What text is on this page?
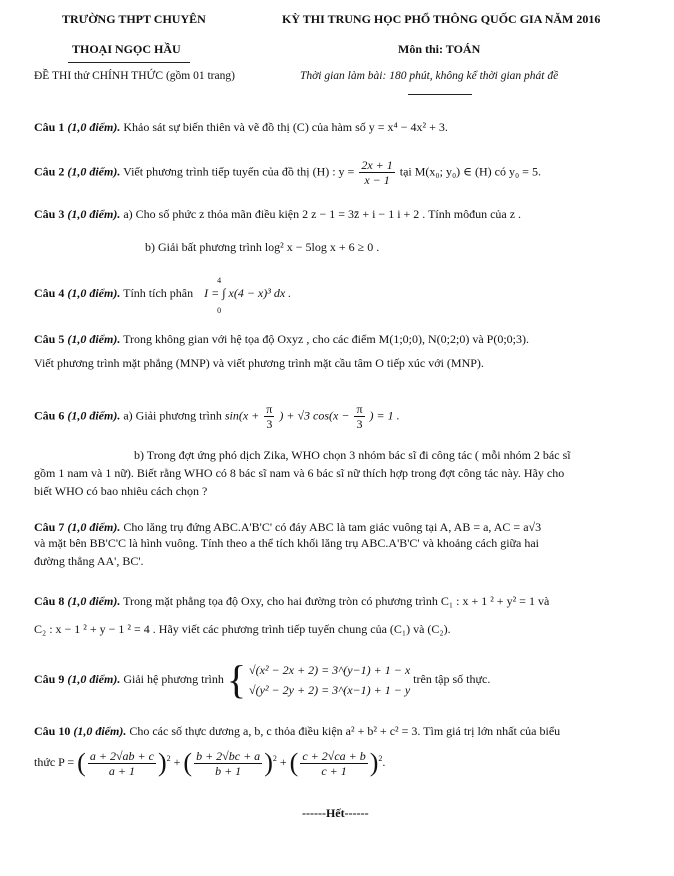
TRƯỜNG THPT CHUYÊN
THOẠI NGỌC HẦU
KỲ THI TRUNG HỌC PHỔ THÔNG QUỐC GIA NĂM 2016
Môn thi: TOÁN
ĐỀ THI thử CHÍNH THỨC (gồm 01 trang)	Thời gian làm bài: 180 phút, không kể thời gian phát đề
Câu 1 (1,0 điểm). Khảo sát sự biến thiên và vẽ đồ thị (C) của hàm số y = x⁴ − 4x² + 3.
Câu 2 (1,0 điểm). Viết phương trình tiếp tuyến của đồ thị (H) : $y = \frac{2x + 1}{x - 1}$ tại M(x₀; y₀) ∈ (H) có y₀ = 5.
Câu 3 (1,0 điểm). a) Cho số phức z thỏa mãn điều kiện 2 z − 1 = 3z̄ + i − 1 i + 2 . Tính môđun của z .
b) Giải bất phương trình log² x − 5log x + 6 ≥ 0 .
Câu 4 (1,0 điểm). Tính tích phân
4
I = ∫ x(4 − x)³ dx .
0
Câu 5 (1,0 điểm). Trong không gian với hệ tọa độ Oxyz , cho các điểm M(1;0;0), N(0;2;0) và P(0;0;3).
Viết phương trình mặt phẳng (MNP) và viết phương trình mặt cầu tâm O tiếp xúc với (MNP).
Câu 6 (1,0 điểm). a) Giải phương trình $\sin(x + \frac{\pi}{3}$ ) + √3 $\cos(x - \frac{\pi}{3}$ ) = 1 .
b) Trong đợt ứng phó dịch Zika, WHO chọn 3 nhóm bác sĩ đi công tác ( mỗi nhóm 2 bác sĩ
gồm 1 nam và 1 nữ). Biết rằng WHO có 8 bác sĩ nam và 6 bác sĩ nữ thích hợp trong đợt công tác này. Hãy cho
biết WHO có bao nhiêu cách chọn ?
Câu 7 (1,0 điểm). Cho lăng trụ đứng ABC.A'B'C' có đáy ABC là tam giác vuông tại A, AB = a, AC = a√3
và mặt bên BB'C'C là hình vuông. Tính theo a thể tích khối lăng trụ ABC.A'B'C' và khoảng cách giữa hai
đường thẳng AA', BC'.
Câu 8 (1,0 điểm). Trong mặt phẳng tọa độ Oxy, cho hai đường tròn có phương trình C₁ : x + 1 ² + y² = 1 và
C₂ : x − 1 ² + y − 1 ² = 4 . Hãy viết các phương trình tiếp tuyến chung của (C₁) và (C₂).
Câu 9 (1,0 điểm). Giải hệ phương trình { √(x² − 2x + 2) = 3^(y−1) + 1 − x
√(y² − 2y + 2) = 3^(x−1) + 1 − y
trên tập số thực.
Câu 10 (1,0 điểm). Cho các số thực dương a, b, c thỏa điều kiện a² + b² + c² = 3. Tìm giá trị lớn nhất của biểu
thức P = ( $\frac{a + 2√ab + c}{a + 1} )^2$ + ( $\frac{b + 2√bc + a}{b + 1} )^2$ + ( $\frac{c + 2√ca + b}{c + 1} )^2$.
------Hết------
